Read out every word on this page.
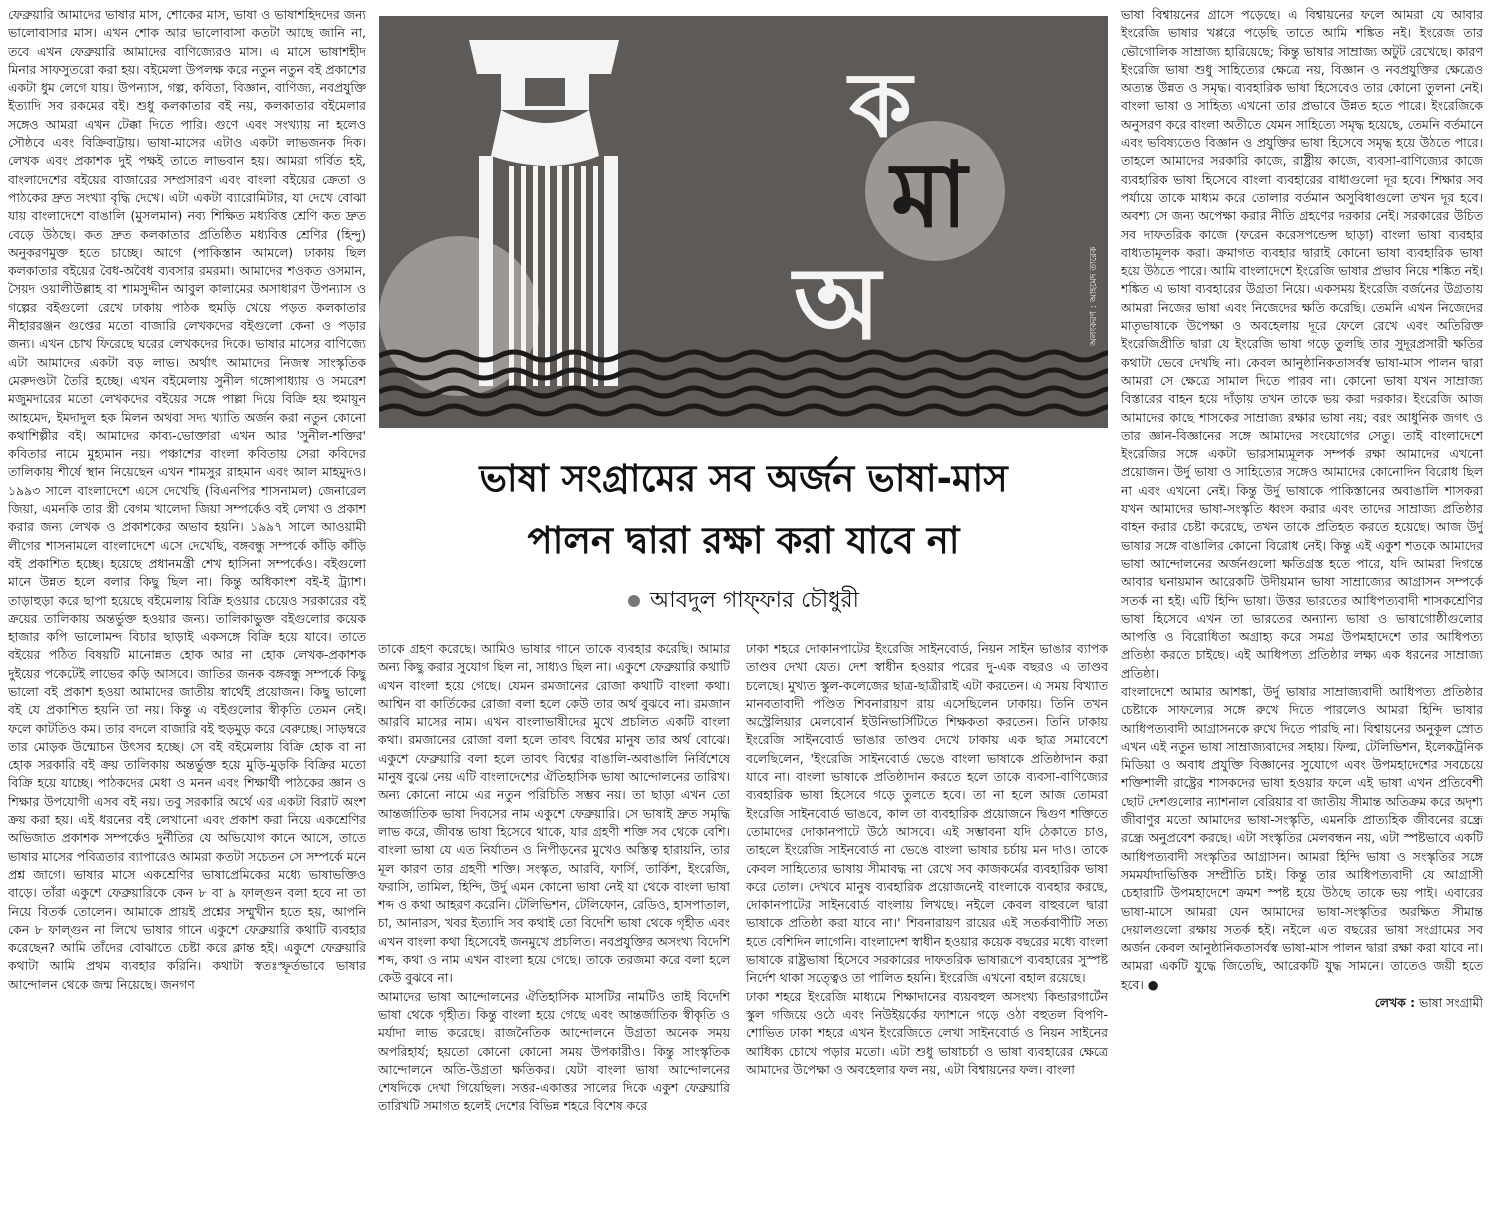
ফেব্রুয়ারি আমাদের ভাষার মাস, শোকের মাস, ভাষা ও ভাষাশহিদদের জন্য ভালোবাসার মাস। এখন শোক আর ভালোবাসা কতটা আছে জানি না, তবে এখন ফেব্রুয়ারি আমাদের বাণিজ্যেরও মাস। এ মাসে ভাষাশহীদ মিনার সাফসুতরো করা হয়। বইমেলা উপলক্ষ করে নতুন নতুন বই প্রকাশের একটা ধুম লেগে যায়। উপন্যাস, গল্প, কবিতা, বিজ্ঞান, বাণিজ্য, নবপ্রযুক্তি ইত্যাদি সব রকমের বই। শুধু কলকাতার বই নয়, কলকাতার বইমেলার সঙ্গেও আমরা এখন টেক্কা দিতে পারি। গুণে এবং সংখ্যায় না হলেও সৌষ্ঠবে এবং বিক্রিবাট্টায়। ভাষা-মাসের এটাও একটা লাভজনক দিক। লেখক এবং প্রকাশক দুই পক্ষই তাতে লাভবান হয়। আমরা গর্বিত হই, বাংলাদেশের বইয়ের বাজারের সম্প্রসারণ এবং বাংলা বইয়ের ক্রেতা ও পাঠকের দ্রুত সংখ্যা বৃদ্ধি দেখে। এটা একটা ব্যারোমিটার, যা দেখে বোঝা যায় বাংলাদেশে বাঙালি (মুসলমান) নব্য শিক্ষিত মধ্যবিত্ত শ্রেণি কত দ্রুত বেড়ে উঠছে। কত দ্রুত কলকাতার প্রতিষ্ঠিত মধ্যবিত্ত শ্রেণির (হিন্দু) অনুকরণমুক্ত হতে চাচ্ছে। আগে (পাকিস্তান আমলে) ঢাকায় ছিল কলকাতার বইয়ের বৈধ-অবৈধ ব্যবসার রমরমা। আমাদের শওকত ওসমান, সৈয়দ ওয়ালীউল্লাহ বা শামসুদ্দীন আবুল কালামের অসাধারণ উপন্যাস ও গল্পের বইগুলো রেখে ঢাকায় পাঠক হুমড়ি খেয়ে পড়ত কলকাতার নীহাররঞ্জন গুপ্তের মতো বাজারি লেখকদের বইগুলো কেনা ও পড়ার জন্য। এখন চোখ ফিরেছে ঘরের লেখকদের দিকে। ভাষার মাসের বাণিজ্যে এটা আমাদের একটা বড় লাভ। অর্থাৎ আমাদের নিজস্ব সাংস্কৃতিক মেরুদণ্ডটা তৈরি হচ্ছে। এখন বইমেলায় সুনীল গঙ্গোপাধ্যায় ও সমরেশ মজুমদারের মতো লেখকদের বইয়ের সঙ্গে পাল্লা দিয়ে বিক্রি হয় হুমায়ূন আহমেদ, ইমদাদুল হক মিলন অথবা সদ্য খ্যাতি অর্জন করা নতুন কোনো কথাশিল্পীর বই। আমাদের কাব্য-ভোক্তারা এখন আর 'সুনীল-শক্তির' কবিতার নামে মুহ্যমান নয়। পঞ্চাশের বাংলা কবিতায় সেরা কবিদের তালিকায় শীর্ষে স্থান নিয়েছেন এখন শামসুর রাহমান এবং আল মাহমুদও। ১৯৯৩ সালে বাংলাদেশে এসে দেখেছি (বিএনপির শাসনামল) জেনারেল জিয়া, এমনকি তার স্ত্রী বেগম খালেদা জিয়া সম্পর্কেও বই লেখা ও প্রকাশ করার জন্য লেখক ও প্রকাশকের অভাব হয়নি। ১৯৯৭ সালে আওয়ামী লীগের শাসনামলে বাংলাদেশে এসে দেখেছি, বঙ্গবন্ধু সম্পর্কে কাঁড়ি কাঁড়ি বই প্রকাশিত হচ্ছে। হয়েছে প্রধানমন্ত্রী শেখ হাসিনা সম্পর্কেও। বইগুলো মানে উন্নত হলে বলার কিছু ছিল না। কিন্তু অধিকাংশ বই-ই ট্র্যাশ। তাড়াহুড়া করে ছাপা হয়েছে বইমেলায় বিক্রি হওয়ার চেয়েও সরকারের বই ক্রয়ের তালিকায় অন্তর্ভুক্ত হওয়ার জন্য। তালিকাভুক্ত বইগুলোর কয়েক হাজার কপি ভালোমন্দ বিচার ছাড়াই একসঙ্গে বিক্রি হয়ে যাবে। তাতে বইয়ের পঠিত বিষয়টি মানোন্নত হোক আর না হোক লেখক-প্রকাশক দুইয়ের পকেটেই লাভের কড়ি আসবে। জাতির জনক বঙ্গবন্ধু সম্পর্কে কিছু ভালো বই প্রকাশ হওয়া আমাদের জাতীয় স্বার্থেই প্রয়োজন। কিছু ভালো বই যে প্রকাশিত হয়নি তা নয়। কিন্তু এ বইগুলোর স্বীকৃতি তেমন নেই। ফলে কাটতিও কম। তার বদলে বাজারি বই হুড়মুড় করে বেরুচ্ছে। সাড়ম্বরে তার মোড়ক উন্মোচন উৎসব হচ্ছে। সে বই বইমেলায় বিক্রি হোক বা না হোক সরকারি বই ক্রয় তালিকায় অন্তর্ভুক্ত হয়ে মুড়ি-মুড়কি বিক্রির মতো বিক্রি হয়ে যাচ্ছে। পাঠকদের মেধা ও মনন এবং শিক্ষার্থী পাঠকের জ্ঞান ও শিক্ষার উপযোগী এসব বই নয়। তবু সরকারি অর্থে এর একটা বিরাট অংশ ক্রয় করা হয়। এই ধরনের বই লেখানো এবং প্রকাশ করা নিয়ে একশ্রেণির অভিজাত প্রকাশক সম্পর্কেও দুর্নীতির যে অভিযোগ কানে আসে, তাতে ভাষার মাসের পবিত্রতার ব্যাপারেও আমরা কতটা সচেতন সে সম্পর্কে মনে প্রশ্ন জাগে। ভাষার মাসে একশ্রেণির ভাষাপ্রেমিকের মধ্যে ভাষাভক্তিও বাড়ে। তাঁরা একুশে ফেব্রুয়ারিকে কেন ৮ বা ৯ ফাল্গুন বলা হবে না তা নিয়ে বিতর্ক তোলেন। আমাকে প্রায়ই প্রশ্নের সম্মুখীন হতে হয়, আপনি কেন ৮ ফাল্গুন না লিখে ভাষার গানে একুশে ফেব্রুয়ারি কথাটি ব্যবহার করেছেন? আমি তাঁদের বোঝাতে চেষ্টা করে ক্লান্ত হই। একুশে ফেব্রুয়ারি কথাটা আমি প্রথম ব্যবহার করিনি। কথাটা স্বতঃস্ফূর্তভাবে ভাষার আন্দোলন থেকে জন্ম নিয়েছে। জনগণ

ক
মা
অ	অলংকরণ : আহমেদ তারেক
ভাষা সংগ্রামের সব অর্জন ভাষা-মাস
পালন দ্বারা রক্ষা করা যাবে না
আবদুল গাফ্‌ফার চৌধুরী

তাকে গ্রহণ করেছে। আমিও ভাষার গানে তাকে ব্যবহার করেছি। আমার অন্য কিছু করার সুযোগ ছিল না, সাধ্যও ছিল না। একুশে ফেব্রুয়ারি কথাটি এখন বাংলা হয়ে গেছে। যেমন রমজানের রোজা কথাটি বাংলা কথা। আশ্বিন বা কার্তিকের রোজা বলা হলে কেউ তার অর্থ বুঝবে না। রমজান আরবি মাসের নাম। এখন বাংলাভাষীদের মুখে প্রচলিত একটি বাংলা কথা। রমজানের রোজা বলা হলে তাবৎ বিশ্বের মানুষ তার অর্থ বোঝে। একুশে ফেব্রুয়ারি বলা হলে তাবৎ বিশ্বের বাঙালি-অবাঙালি নির্বিশেষে মানুষ বুঝে নেয় এটি বাংলাদেশের ঐতিহাসিক ভাষা আন্দোলনের তারিখ। অন্য কোনো নামে এর নতুন পরিচিতি সম্ভব নয়। তা ছাড়া এখন তো আন্তর্জাতিক ভাষা দিবসের নাম একুশে ফেব্রুয়ারি। সে ভাষাই দ্রুত সমৃদ্ধি লাভ করে, জীবন্ত ভাষা হিসেবে থাকে, যার গ্রহণী শক্তি সব থেকে বেশি। বাংলা ভাষা যে এত নির্যাতন ও নিপীড়নের মুখেও অস্তিত্ব হারায়নি, তার মূল কারণ তার গ্রহণী শক্তি। সংস্কৃত, আরবি, ফার্সি, তার্কিশ, ইংরেজি, ফরাসি, তামিল, হিন্দি, উর্দু এমন কোনো ভাষা নেই যা থেকে বাংলা ভাষা শব্দ ও কথা আহরণ করেনি। টেলিভিশন, টেলিফোন, রেডিও, হাসপাতাল, চা, আনারস, খবর ইত্যাদি সব কথাই তো বিদেশি ভাষা থেকে গৃহীত এবং এখন বাংলা কথা হিসেবেই জনমুখে প্রচলিত। নবপ্রযুক্তির অসংখ্য বিদেশি শব্দ, কথা ও নাম এখন বাংলা হয়ে গেছে। তাকে তরজমা করে বলা হলে কেউ বুঝবে না।

আমাদের ভাষা আন্দোলনের ঐতিহাসিক মাসটির নামটিও তাই বিদেশি ভাষা থেকে গৃহীত। কিন্তু বাংলা হয়ে গেছে এবং আন্তর্জাতিক স্বীকৃতি ও মর্যাদা লাভ করেছে। রাজনৈতিক আন্দোলনে উগ্রতা অনেক সময় অপরিহার্য; হয়তো কোনো কোনো সময় উপকারীও। কিন্তু সাংস্কৃতিক আন্দোলনে অতি-উগ্রতা ক্ষতিকর। যেটা বাংলা ভাষা আন্দোলনের শেষদিকে দেখা গিয়েছিল। সত্তর-একাত্তর সালের দিকে একুশ ফেব্রুয়ারি তারিখটি সমাগত হলেই দেশের বিভিন্ন শহরে বিশেষ করে

ঢাকা শহরে দোকানপাটের ইংরেজি সাইনবোর্ড, নিয়ন সাইন ভাঙার ব্যাপক তাণ্ডব দেখা যেত। দেশ স্বাধীন হওয়ার পরের দু-এক বছরও এ তাণ্ডব চলেছে। মুখ্যত স্কুল-কলেজের ছাত্র-ছাত্রীরাই এটা করতেন। এ সময় বিখ্যাত মানবতাবাদী পণ্ডিত শিবনারায়ণ রায় এসেছিলেন ঢাকায়। তিনি তখন অস্ট্রেলিয়ার মেলবোর্ন ইউনিভার্সিটিতে শিক্ষকতা করতেন। তিনি ঢাকায় ইংরেজি সাইনবোর্ড ভাঙার তাণ্ডব দেখে ঢাকায় এক ছাত্র সমাবেশে বলেছিলেন, 'ইংরেজি সাইনবোর্ড ভেঙে বাংলা ভাষাকে প্রতিষ্ঠাদান করা যাবে না। বাংলা ভাষাকে প্রতিষ্ঠাদান করতে হলে তাকে ব্যবসা-বাণিজ্যের ব্যবহারিক ভাষা হিসেবে গড়ে তুলতে হবে। তা না হলে আজ তোমরা ইংরেজি সাইনবোর্ড ভাঙবে, কাল তা ব্যবহারিক প্রয়োজনে দ্বিগুণ শক্তিতে তোমাদের দোকানপাটে উঠে আসবে। এই সম্ভাবনা যদি ঠেকাতে চাও, তাহলে ইংরেজি সাইনবোর্ড না ভেঙে বাংলা ভাষার চর্চায় মন দাও। তাকে কেবল সাহিত্যের ভাষায় সীমাবদ্ধ না রেখে সব কাজকর্মের ব্যবহারিক ভাষা করে তোল। দেখবে মানুষ ব্যবহারিক প্রয়োজনেই বাংলাকে ব্যবহার করছে, দোকানপাটের সাইনবোর্ড বাংলায় লিখছে। নইলে কেবল বাহুবলে দ্বারা ভাষাকে প্রতিষ্ঠা করা যাবে না।' শিবনারায়ণ রায়ের এই সতর্কবাণীটি সত্য হতে বেশিদিন লাগেনি। বাংলাদেশ স্বাধীন হওয়ার কয়েক বছরের মধ্যে বাংলা ভাষাকে রাষ্ট্রভাষা হিসেবে সরকারের দাফতরিক ভাষারূপে ব্যবহারের সুস্পষ্ট নির্দেশ থাকা সত্ত্বেও তা পালিত হয়নি। ইংরেজি এখনো বহাল রয়েছে।

ঢাকা শহরে ইংরেজি মাধ্যমে শিক্ষাদানের ব্যয়বহুল অসংখ্য কিন্ডারগার্টেন স্কুল গজিয়ে ওঠে এবং নিউইয়র্কের ফ্যাশনে গড়ে ওঠা বহুতল বিপণি-শোভিত ঢাকা শহরে এখন ইংরেজিতে লেখা সাইনবোর্ড ও নিয়ন সাইনের আধিক্য চোখে পড়ার মতো। এটা শুধু ভাষাচর্চা ও ভাষা ব্যবহারের ক্ষেত্রে আমাদের উপেক্ষা ও অবহেলার ফল নয়, এটা বিশ্বায়নের ফল। বাংলা

ভাষা বিশ্বায়নের গ্রাসে পড়েছে। এ বিশ্বায়নের ফলে আমরা যে আবার ইংরেজি ভাষার খপ্পরে পড়েছি তাতে আমি শঙ্কিত নই। ইংরেজ তার ভৌগোলিক সাম্রাজ্য হারিয়েছে; কিন্তু ভাষার সাম্রাজ্য অটুট রেখেছে। কারণ ইংরেজি ভাষা শুধু সাহিত্যের ক্ষেত্রে নয়, বিজ্ঞান ও নবপ্রযুক্তির ক্ষেত্রেও অত্যন্ত উন্নত ও সমৃদ্ধ। ব্যবহারিক ভাষা হিসেবেও তার কোনো তুলনা নেই। বাংলা ভাষা ও সাহিত্য এখনো তার প্রভাবে উন্নত হতে পারে। ইংরেজিকে অনুসরণ করে বাংলা অতীতে যেমন সাহিত্যে সমৃদ্ধ হয়েছে, তেমনি বর্তমানে এবং ভবিষ্যতেও বিজ্ঞান ও প্রযুক্তির ভাষা হিসেবে সমৃদ্ধ হয়ে উঠতে পারে। তাহলে আমাদের সরকারি কাজে, রাষ্ট্রীয় কাজে, ব্যবসা-বাণিজ্যের কাজে ব্যবহারিক ভাষা হিসেবে বাংলা ব্যবহারের বাধাগুলো দূর হবে। শিক্ষার সব পর্যায়ে তাকে মাধ্যম করে তোলার বর্তমান অসুবিধাগুলো তখন দূর হবে। অবশ্য সে জন্য অপেক্ষা করার নীতি গ্রহণের দরকার নেই। সরকারের উচিত সব দাফতরিক কাজে (ফরেন করেসপন্ডেন্স ছাড়া) বাংলা ভাষা ব্যবহার বাধ্যতামূলক করা। ক্রমাগত ব্যবহার দ্বারাই কোনো ভাষা ব্যবহারিক ভাষা হয়ে উঠতে পারে। আমি বাংলাদেশে ইংরেজি ভাষার প্রভাব নিয়ে শঙ্কিত নই। শঙ্কিত এ ভাষা ব্যবহারের উগ্রতা নিয়ে। একসময় ইংরেজি বর্জনের উগ্রতায় আমরা নিজের ভাষা এবং নিজেদের ক্ষতি করেছি। তেমনি এখন নিজেদের মাতৃভাষাকে উপেক্ষা ও অবহেলায় দূরে ফেলে রেখে এবং অতিরিক্ত ইংরেজিপ্রীতি দ্বারা যে ইংরেজি ভাষা গড়ে তুলছি তার সুদূরপ্রসারী ক্ষতির কথাটা ভেবে দেখছি না। কেবল আনুষ্ঠানিকতাসর্বস্ব ভাষা-মাস পালন দ্বারা আমরা সে ক্ষেত্রে সামাল দিতে পারব না। কোনো ভাষা যখন সাম্রাজ্য বিস্তারের বাহন হয়ে দাঁড়ায় তখন তাকে ভয় করা দরকার। ইংরেজি আজ আমাদের কাছে শাসকের সাম্রাজ্য রক্ষার ভাষা নয়; বরং আধুনিক জগৎ ও তার জ্ঞান-বিজ্ঞানের সঙ্গে আমাদের সংযোগের সেতু। তাই বাংলাদেশে ইংরেজির সঙ্গে একটা ভারসাম্যমূলক সম্পর্ক রক্ষা আমাদের এখনো প্রয়োজন। উর্দু ভাষা ও সাহিত্যের সঙ্গেও আমাদের কোনোদিন বিরোধ ছিল না এবং এখনো নেই। কিন্তু উর্দু ভাষাকে পাকিস্তানের অবাঙালি শাসকরা যখন আমাদের ভাষা-সংস্কৃতি ধ্বংস করার এবং তাদের সাম্রাজ্য প্রতিষ্ঠার বাহন করার চেষ্টা করেছে, তখন তাকে প্রতিহত করতে হয়েছে। আজ উর্দু ভাষার সঙ্গে বাঙালির কোনো বিরোধ নেই। কিন্তু এই একুশ শতকে আমাদের ভাষা আন্দোলনের অর্জনগুলো ক্ষতিগ্রস্ত হতে পারে, যদি আমরা দিগন্তে আবার ঘনায়মান আরেকটি উদীয়মান ভাষা সাম্রাজ্যের আগ্রাসন সম্পর্কে সতর্ক না হই। এটি হিন্দি ভাষা। উত্তর ভারতের আধিপত্যবাদী শাসকশ্রেণির ভাষা হিসেবে এখন তা ভারতের অন্যান্য ভাষা ও ভাষাগোষ্ঠীগুলোর আপত্তি ও বিরোধিতা অগ্রাহ্য করে সমগ্র উপমহাদেশে তার আধিপত্য প্রতিষ্ঠা করতে চাইছে। এই আধিপত্য প্রতিষ্ঠার লক্ষ্য এক ধরনের সাম্রাজ্য প্রতিষ্ঠা।

বাংলাদেশে আমার আশঙ্কা, উর্দু ভাষার সাম্রাজ্যবাদী আধিপত্য প্রতিষ্ঠার চেষ্টাকে সাফল্যের সঙ্গে রুখে দিতে পারলেও আমরা হিন্দি ভাষার আধিপত্যবাদী আগ্রাসনকে রুখে দিতে পারছি না। বিশ্বায়নের অনুকূল স্রোত এখন এই নতুন ভাষা সাম্রাজ্যবাদের সহায়। ফিল্ম, টেলিভিশন, ইলেকট্রনিক মিডিয়া ও অবাধ প্রযুক্তি বিজ্ঞানের সুযোগে এবং উপমহাদেশের সবচেয়ে শক্তিশালী রাষ্ট্রের শাসকদের ভাষা হওয়ার ফলে এই ভাষা এখন প্রতিবেশী ছোট দেশগুলোর ন্যাশনাল বেরিয়ার বা জাতীয় সীমান্ত অতিক্রম করে অদৃশ্য জীবাণুর মতো আমাদের ভাষা-সংস্কৃতি, এমনকি প্রাত্যহিক জীবনের রন্ধ্রে রন্ধ্রে অনুপ্রবেশ করছে। এটা সংস্কৃতির মেলবন্ধন নয়, এটা স্পষ্টভাবে একটি আধিপত্যবাদী সংস্কৃতির আগ্রাসন। আমরা হিন্দি ভাষা ও সংস্কৃতির সঙ্গে সমমর্যাদাভিত্তিক সম্প্রীতি চাই। কিন্তু তার আধিপত্যবাদী যে আগ্রাসী চেহারাটি উপমহাদেশে ক্রমশ স্পষ্ট হয়ে উঠছে তাকে ভয় পাই। এবারের ভাষা-মাসে আমরা যেন আমাদের ভাষা-সংস্কৃতির অরক্ষিত সীমান্ত দেয়ালগুলো রক্ষায় সতর্ক হই। নইলে এত বছরের ভাষা সংগ্রামের সব অর্জন কেবল আনুষ্ঠানিকতাসর্বস্ব ভাষা-মাস পালন দ্বারা রক্ষা করা যাবে না। আমরা একটি যুদ্ধে জিতেছি, আরেকটি যুদ্ধ সামনে। তাতেও জয়ী হতে হবে। ●

লেখক : ভাষা সংগ্রামী
